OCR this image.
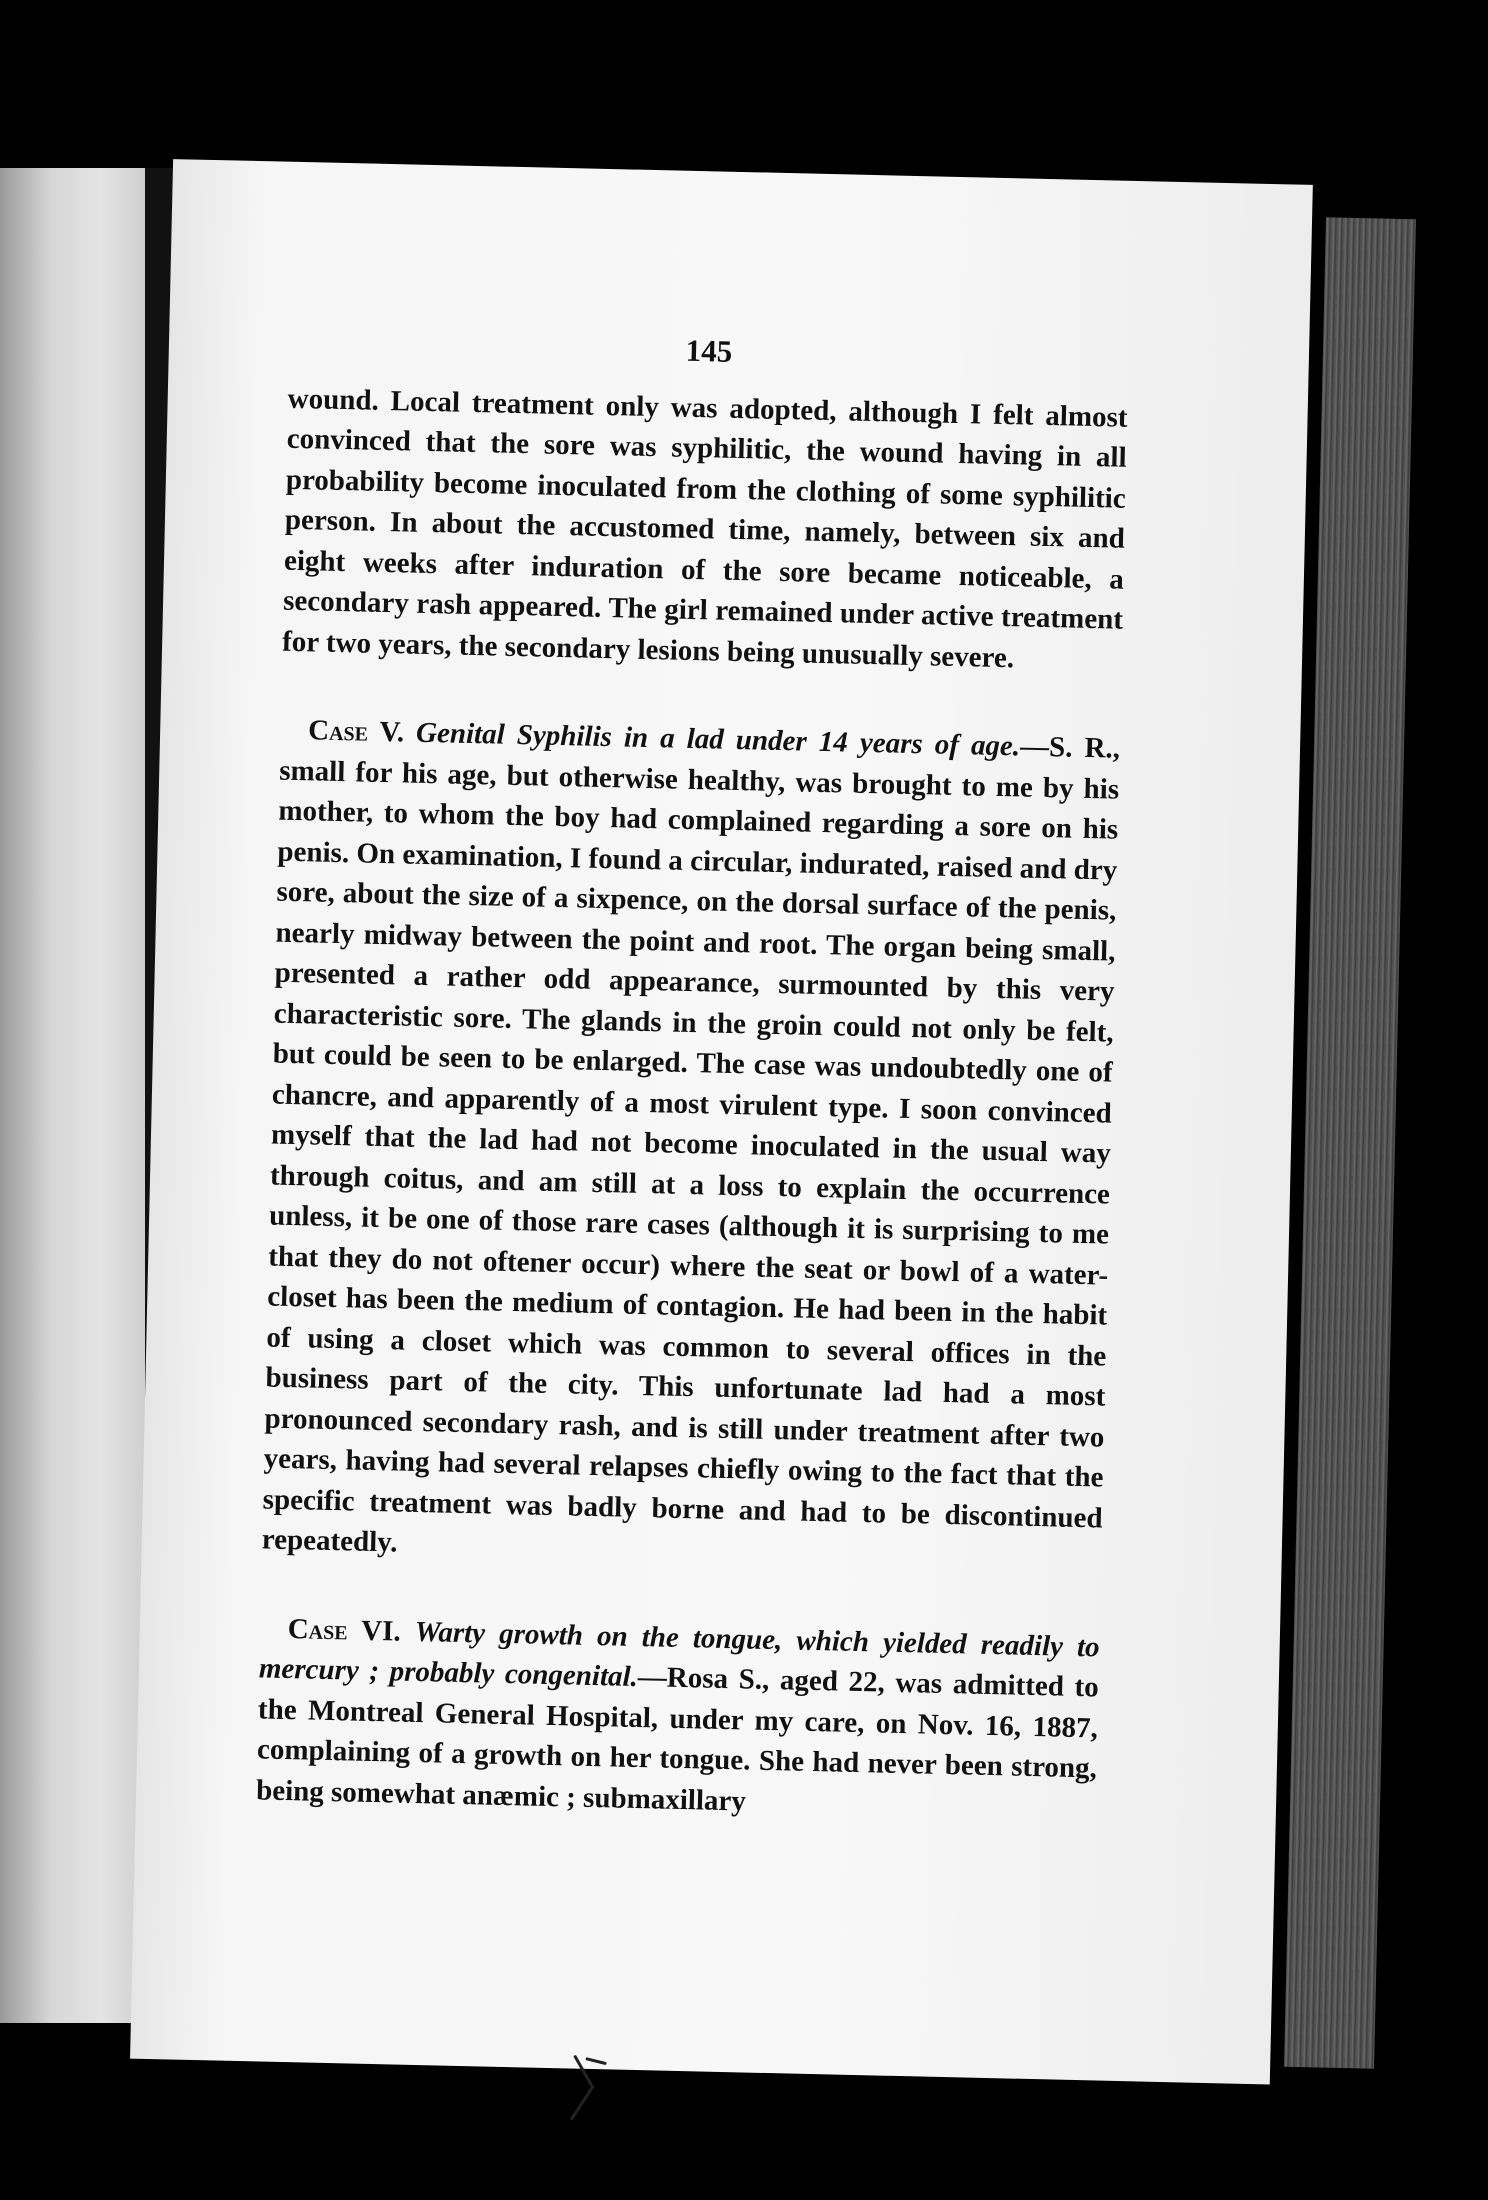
145

wound. Local treatment only was adopted, although I felt almost convinced that the sore was syphilitic, the wound having in all probability become inoculated from the clothing of some syphilitic person. In about the accustomed time, namely, between six and eight weeks after induration of the sore became noticeable, a secondary rash appeared. The girl remained under active treatment for two years, the secondary lesions being unusually severe.

Case V. Genital Syphilis in a lad under 14 years of age.—S. R., small for his age, but otherwise healthy, was brought to me by his mother, to whom the boy had complained regarding a sore on his penis. On examination, I found a circular, indurated, raised and dry sore, about the size of a sixpence, on the dorsal surface of the penis, nearly midway between the point and root. The organ being small, presented a rather odd appearance, surmounted by this very characteristic sore. The glands in the groin could not only be felt, but could be seen to be enlarged. The case was undoubtedly one of chancre, and apparently of a most virulent type. I soon convinced myself that the lad had not become inoculated in the usual way through coitus, and am still at a loss to explain the occurrence unless, it be one of those rare cases (although it is surprising to me that they do not oftener occur) where the seat or bowl of a water-closet has been the medium of contagion. He had been in the habit of using a closet which was common to several offices in the business part of the city. This unfortunate lad had a most pronounced secondary rash, and is still under treatment after two years, having had several relapses chiefly owing to the fact that the specific treatment was badly borne and had to be discontinued repeatedly.

Case VI. Warty growth on the tongue, which yielded readily to mercury ; probably congenital.—Rosa S., aged 22, was admitted to the Montreal General Hospital, under my care, on Nov. 16, 1887, complaining of a growth on her tongue. She had never been strong, being somewhat anæmic ; submaxillary
